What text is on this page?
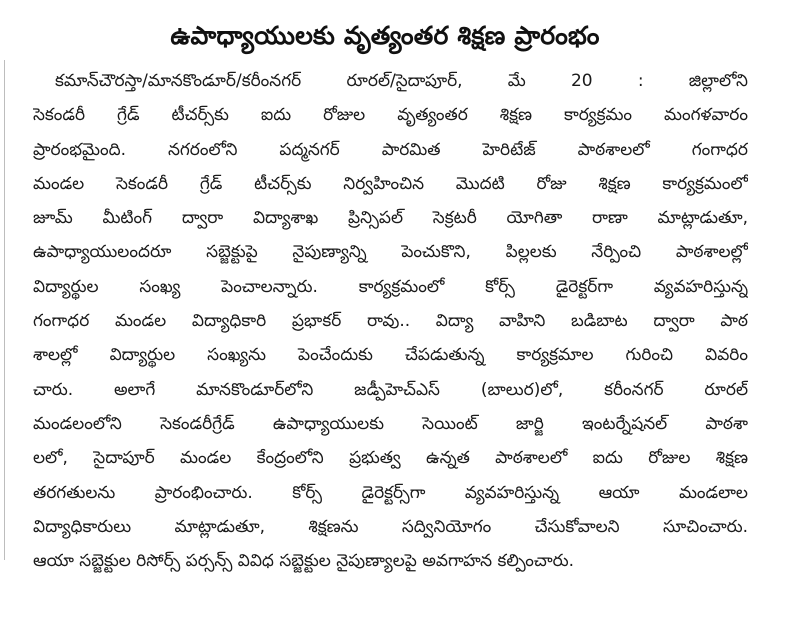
ఉపాధ్యాయులకు వృత్యంతర శిక్షణ ప్రారంభం
కమాన్‌చౌరస్తా/మానకొండూర్/కరీంనగర్ రూరల్/సైదాపూర్, మే 20 : జిల్లాలోని
సెకండరీ గ్రేడ్ టీచర్స్‌కు ఐదు రోజుల వృత్యంతర శిక్షణ కార్యక్రమం మంగళవారం
ప్రారంభమైంది. నగరంలోని పద్మనగర్ పారమిత హెరిటేజ్ పాఠశాలలో గంగాధర
మండల సెకండరీ గ్రేడ్ టీచర్స్‌కు నిర్వహించిన మొదటి రోజు శిక్షణ కార్యక్రమంలో
జూమ్ మీటింగ్ ద్వారా విద్యాశాఖ ప్రిన్సిపల్ సెక్రటరీ యోగితా రాణా మాట్లాడుతూ,
ఉపాధ్యాయులందరూ సబ్జెక్టుపై నైపుణ్యాన్ని పెంచుకొని, పిల్లలకు నేర్పించి పాఠశాలల్లో
విద్యార్థుల సంఖ్య పెంచాలన్నారు. కార్యక్రమంలో కోర్స్ డైరెక్టర్‌గా వ్యవహరిస్తున్న
గంగాధర మండల విద్యాధికారి ప్రభాకర్ రావు.. విద్యా వాహిని బడిబాట ద్వారా పాఠ
శాలల్లో విద్యార్థుల సంఖ్యను పెంచేందుకు చేపడుతున్న కార్యక్రమాల గురించి వివరిం
చారు. అలాగే మానకొండూర్‌లోని జడ్పీహెచ్ఎస్ (బాలుర)లో, కరీంనగర్ రూరల్
మండలంలోని సెకండరీగ్రేడ్ ఉపాధ్యాయులకు సెయింట్ జార్జి ఇంటర్నేషనల్ పాఠశా
లలో, సైదాపూర్ మండల కేంద్రంలోని ప్రభుత్వ ఉన్నత పాఠశాలలో ఐదు రోజుల శిక్షణ
తరగతులను ప్రారంభించారు. కోర్స్ డైరెక్టర్స్‌గా వ్యవహరిస్తున్న ఆయా మండలాల
విద్యాధికారులు మాట్లాడుతూ, శిక్షణను సద్వినియోగం చేసుకోవాలని సూచించారు.
ఆయా సబ్జెక్టుల రిసోర్స్ పర్సన్స్ వివిధ సబ్జెక్టుల నైపుణ్యాలపై అవగాహన కల్పించారు.
